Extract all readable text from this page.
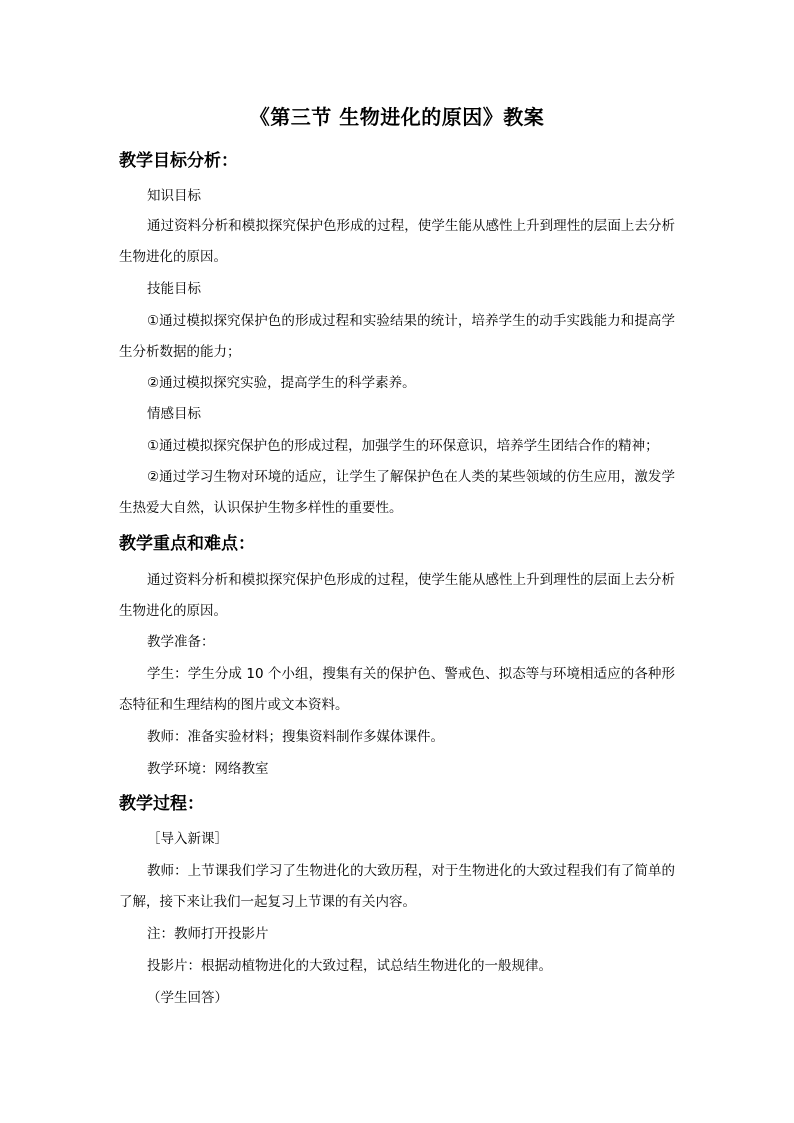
《第三节 生物进化的原因》教案
教学目标分析：
知识目标
通过资料分析和模拟探究保护色形成的过程，使学生能从感性上升到理性的层面上去分析生物进化的原因。
技能目标
①通过模拟探究保护色的形成过程和实验结果的统计，培养学生的动手实践能力和提高学生分析数据的能力；
②通过模拟探究实验，提高学生的科学素养。
情感目标
①通过模拟探究保护色的形成过程，加强学生的环保意识，培养学生团结合作的精神；
②通过学习生物对环境的适应，让学生了解保护色在人类的某些领域的仿生应用，激发学生热爱大自然，认识保护生物多样性的重要性。
教学重点和难点：
通过资料分析和模拟探究保护色形成的过程，使学生能从感性上升到理性的层面上去分析生物进化的原因。
教学准备：
学生：学生分成 10 个小组，搜集有关的保护色、警戒色、拟态等与环境相适应的各种形态特征和生理结构的图片或文本资料。
教师：准备实验材料；搜集资料制作多媒体课件。
教学环境：网络教室
教学过程：
［导入新课］
教师：上节课我们学习了生物进化的大致历程，对于生物进化的大致过程我们有了简单的了解，接下来让我们一起复习上节课的有关内容。
注：教师打开投影片
投影片：根据动植物进化的大致过程，试总结生物进化的一般规律。
（学生回答）
